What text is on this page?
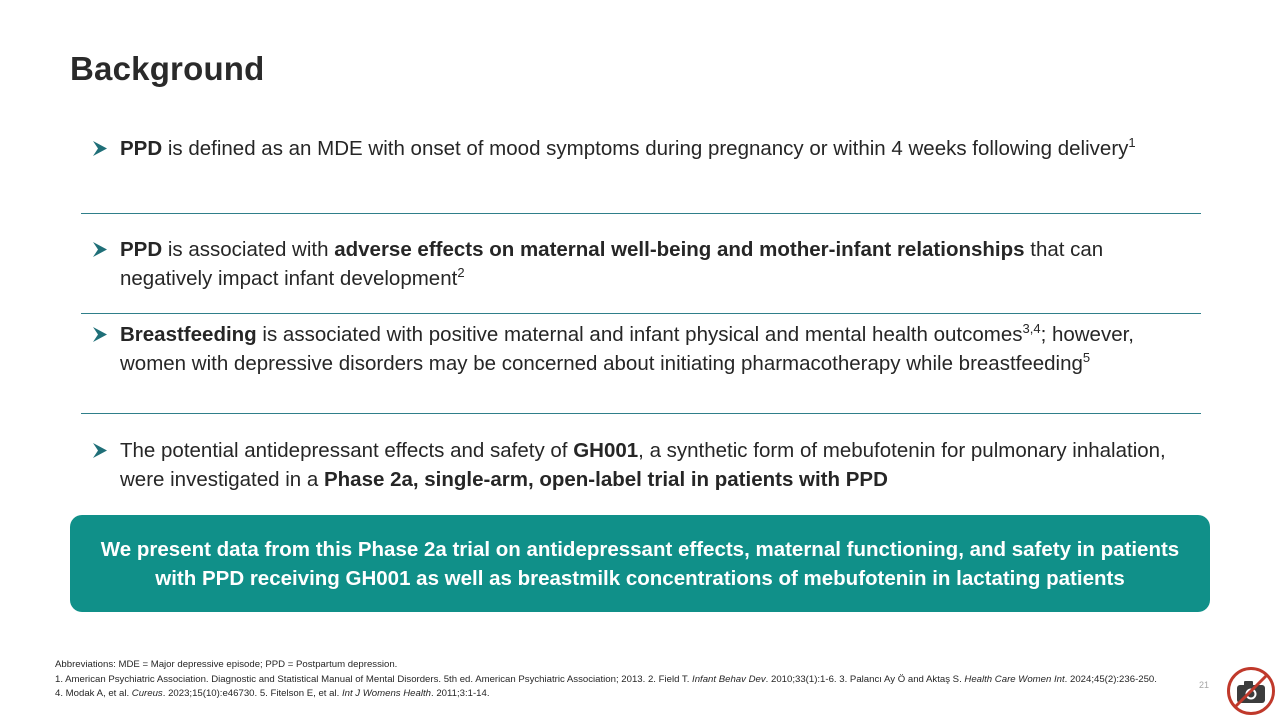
Background
PPD is defined as an MDE with onset of mood symptoms during pregnancy or within 4 weeks following delivery$^1$
PPD is associated with adverse effects on maternal well-being and mother-infant relationships that can negatively impact infant development$^2$
Breastfeeding is associated with positive maternal and infant physical and mental health outcomes$^{3,4}$; however, women with depressive disorders may be concerned about initiating pharmacotherapy while breastfeeding$^5$
The potential antidepressant effects and safety of GH001, a synthetic form of mebufotenin for pulmonary inhalation, were investigated in a Phase 2a, single-arm, open-label trial in patients with PPD
We present data from this Phase 2a trial on antidepressant effects, maternal functioning, and safety in patients
with PPD receiving GH001 as well as breastmilk concentrations of mebufotenin in lactating patients
Abbreviations: MDE = Major depressive episode; PPD = Postpartum depression.
1. American Psychiatric Association. Diagnostic and Statistical Manual of Mental Disorders. 5th ed. American Psychiatric Association; 2013. 2. Field T. Infant Behav Dev. 2010;33(1):1-6. 3. Palancı Ay Ö and Aktaş S. Health Care Women Int. 2024;45(2):236-250. 4. Modak A, et al. Cureus. 2023;15(10):e46730. 5. Fitelson E, et al. Int J Womens Health. 2011;3:1-14.
21
